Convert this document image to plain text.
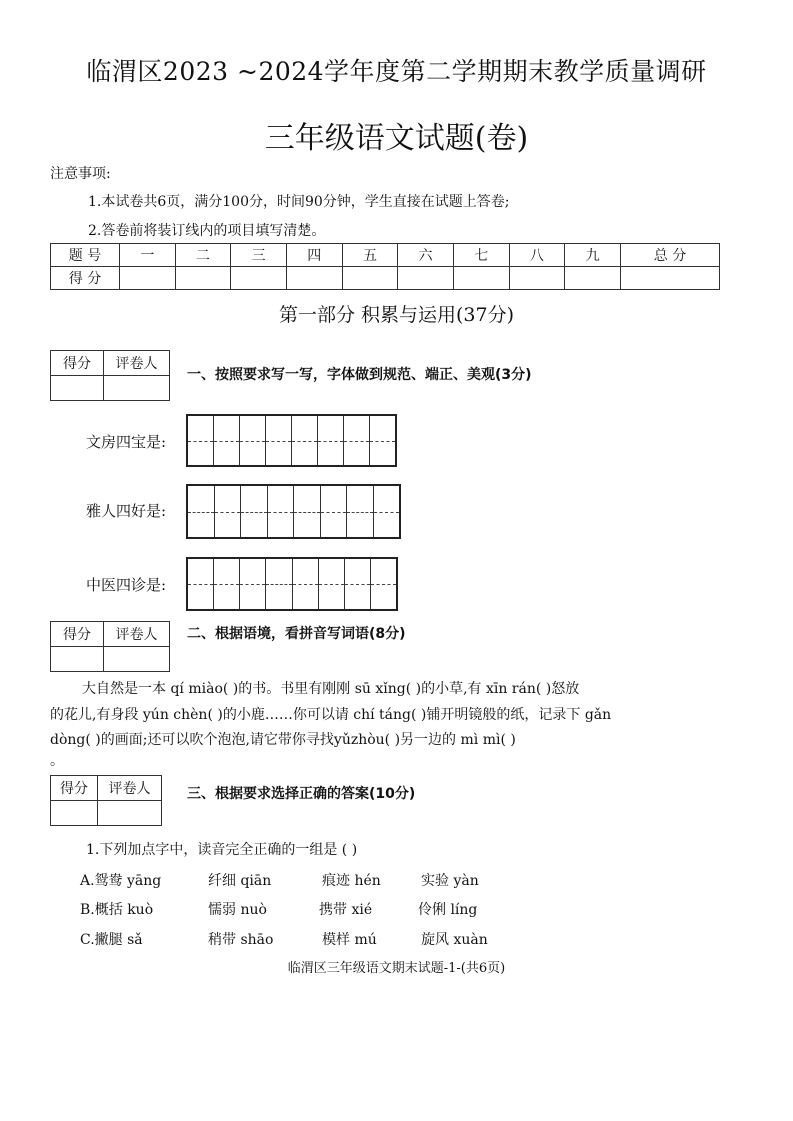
临渭区2023 ~2024学年度第二学期期末教学质量调研
三年级语文试题(卷)
注意事项:
1.本试卷共6页，满分100分，时间90分钟，学生直接在试题上答卷;
2.答卷前将装订线内的项目填写清楚。
题 号	一	二	三	四	五	六	七	八	九	总 分
得 分										
第一部分 积累与运用(37分)
得分	评卷人

一、按照要求写一写，字体做到规范、端正、美观(3分)
文房四宝是:
雅人四好是:
中医四诊是:
得分	评卷人
	二、根据语境，看拼音写词语(8分)
大自然是一本 qí miào( )的书。书里有刚刚 sū xǐng( )的小草,有 xīn rán( )怒放
的花儿,有身段 yún chèn( )的小鹿……你可以请 chí táng( )铺开明镜般的纸，记录下 gǎn
dòng( )的画面;还可以吹个泡泡,请它带你寻找yǔzhòu( )另一边的 mì mì( )
。
得分	评卷人
		三、根据要求选择正确的答案(10分)
1.下列加点字中，读音完全正确的一组是 ( )
A.鸳鸯 yāng	纤细 qiān	痕迹 hén	实验 yàn
B.概括 kuò	懦弱 nuò	携带 xié	伶俐 líng
C.撇腿 sǎ	稍带 shāo	模样 mú	旋风 xuàn
临渭区三年级语文期末试题-1-(共6页)
